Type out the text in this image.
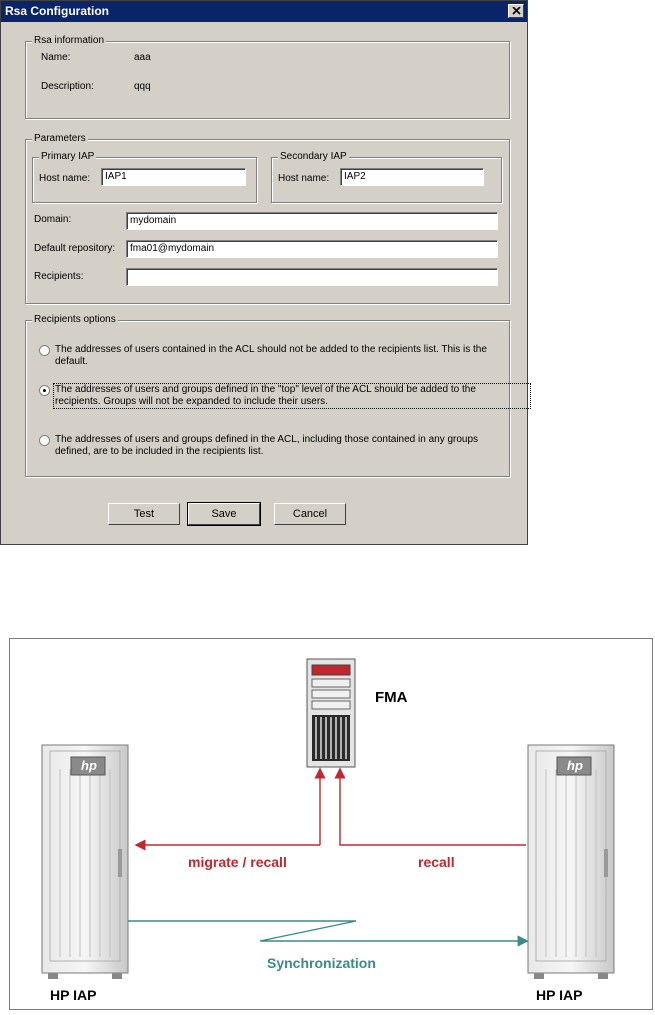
Rsa Configuration
Rsa information
Name:	aaa
Description:	qqq
Parameters
Primary IAP
Host name:	IAP1
Secondary IAP
Host name:	IAP2
Domain:	mydomain
Default repository:	fma01@mydomain
Recipients:
Recipients options
The addresses of users contained in the ACL should not be added to the recipients list. This is the
default.
The addresses of users and groups defined in the "top" level of the ACL should be added to the
recipients. Groups will not be expanded to include their users.
The addresses of users and groups defined in the ACL, including those contained in any groups
defined, are to be included in the recipients list.
Test	Save	Cancel
hp	hp
FMA
migrate / recall	recall
Synchronization
HP IAP	HP IAP
